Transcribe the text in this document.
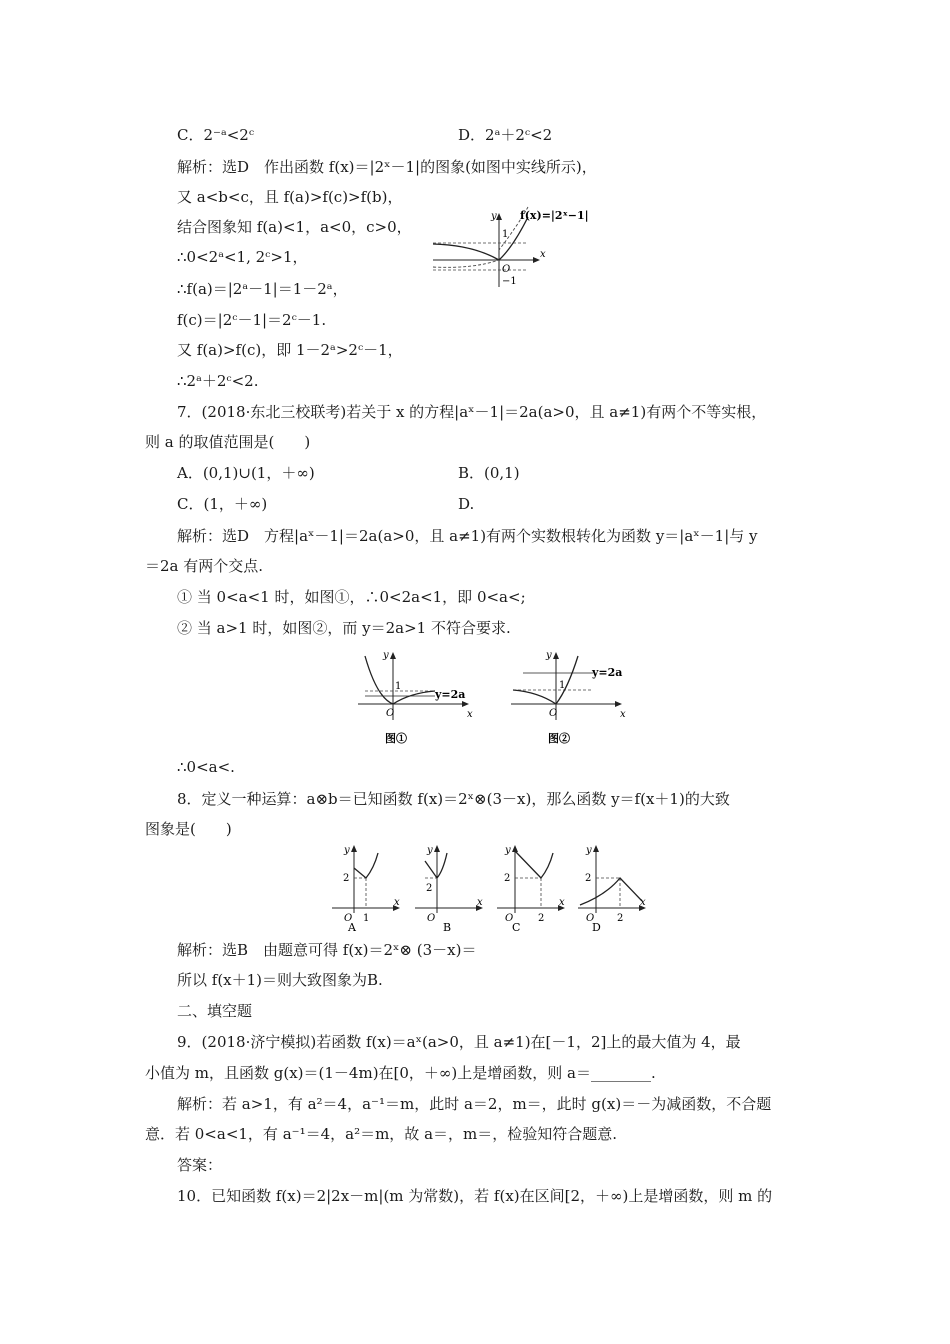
C．2⁻ᵃ<2ᶜ	D．2ᵃ＋2ᶜ<2
解析：选D　作出函数 f(x)＝|2ˣ－1|的图象(如图中实线所示)，
又 a<b<c，且 f(a)>f(c)>f(b)，
结合图象知 f(a)<1，a<0，c>0，
∴0<2ᵃ<1, 2ᶜ>1，
∴f(a)＝|2ᵃ－1|＝1－2ᵃ，
f(c)＝|2ᶜ－1|＝2ᶜ－1.
又 f(a)>f(c)，即 1－2ᵃ>2ᶜ－1，
∴2ᵃ＋2ᶜ<2.
f(x)=|2ˣ−1|
y
x
O
1
−1
7．(2018·东北三校联考)若关于 x 的方程|aˣ－1|＝2a(a>0，且 a≠1)有两个不等实根，
则 a 的取值范围是(　　)
A．(0,1)∪(1，＋∞)	B．(0,1)
C．(1，＋∞)	D.
解析：选D　方程|aˣ－1|＝2a(a>0，且 a≠1)有两个实数根转化为函数 y＝|aˣ－1|与 y
＝2a 有两个交点.
① 当 0<a<1 时，如图①，∴0<2a<1，即 0<a<;
② 当 a>1 时，如图②，而 y＝2a>1 不符合要求.
y=2a
y
x
O
1
图①
y=2a
y
x
O
1
图②
∴0<a<.
8．定义一种运算：a⊗b＝已知函数 f(x)＝2ˣ⊗(3－x)，那么函数 y＝f(x＋1)的大致
图象是(　　)
y
x
O
2
1
A
y
x
O
2
B
y
x
O
2
2
C
y
x
O
2
2
D
解析：选B　由题意可得 f(x)＝2ˣ⊗ (3－x)＝
所以 f(x＋1)＝则大致图象为B.
二、填空题
9．(2018·济宁模拟)若函数 f(x)＝aˣ(a>0，且 a≠1)在[－1，2]上的最大值为 4，最
小值为 m，且函数 g(x)＝(1－4m)在[0，＋∞)上是增函数，则 a＝________.
解析：若 a>1，有 a²＝4，a⁻¹＝m，此时 a＝2，m＝，此时 g(x)＝－为减函数，不合题
意．若 0<a<1，有 a⁻¹＝4，a²＝m，故 a＝，m＝，检验知符合题意.
答案：
10．已知函数 f(x)＝2|2x－m|(m 为常数)，若 f(x)在区间[2，＋∞)上是增函数，则 m 的
